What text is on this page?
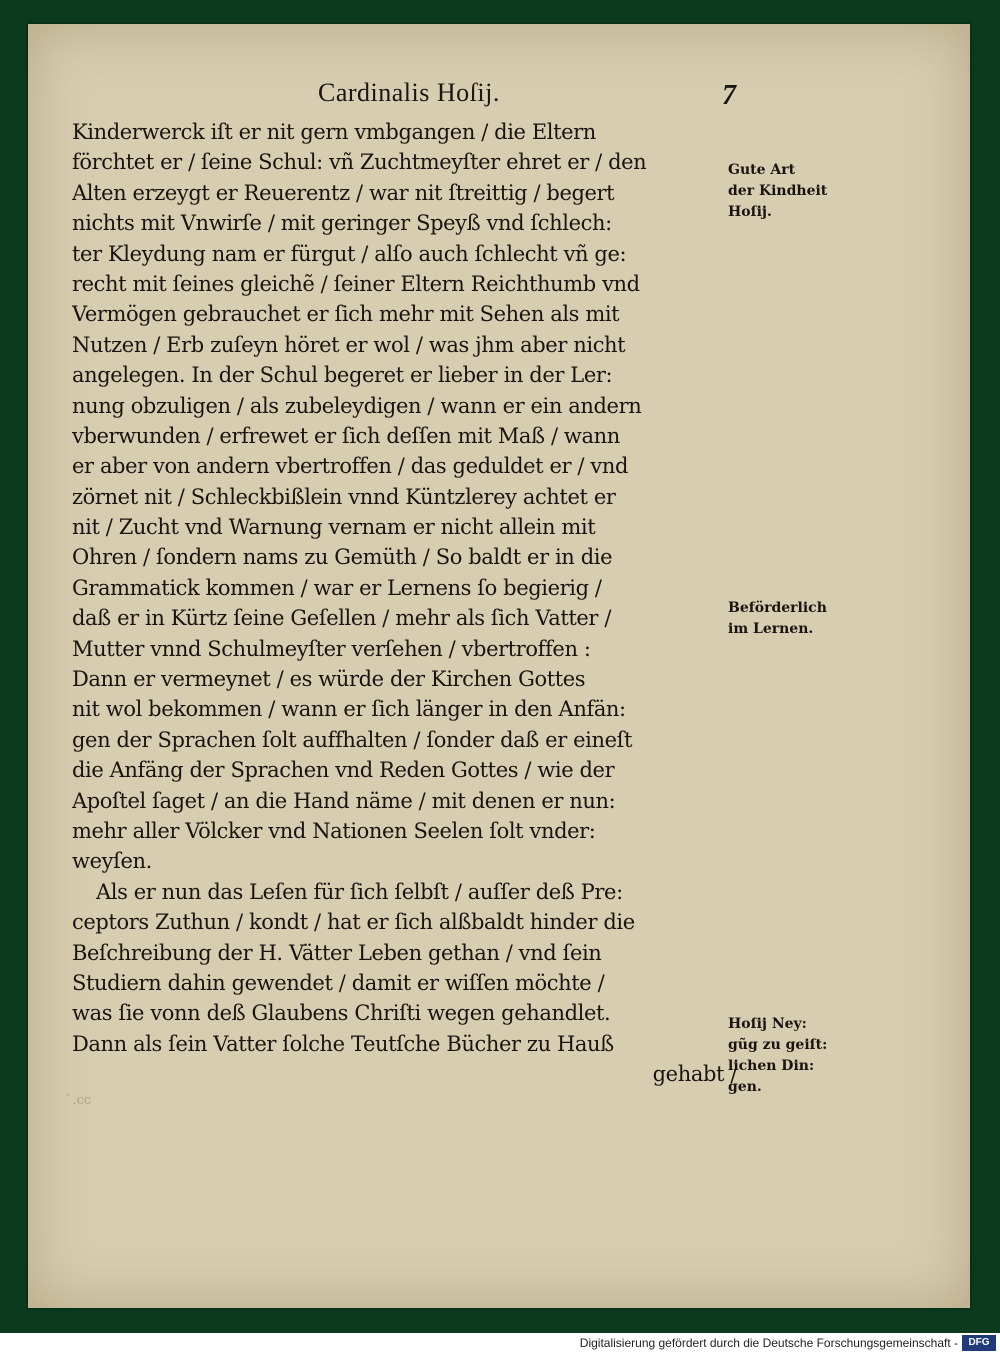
Cardinalis Hoſij.	7
Kinderwerck iſt er nit gern vmbgangen / die Eltern
förchtet er / ſeine Schul: vñ Zuchtmeyſter ehret er / den
Alten erzeygt er Reuerentz / war nit ſtreittig / begert
nichts mit Vnwirſe / mit geringer Speyß vnd ſchlech:
ter Kleydung nam er fürgut / alſo auch ſchlecht vñ ge:
recht mit ſeines gleichẽ / ſeiner Eltern Reichthumb vnd
Vermögen gebrauchet er ſich mehr mit Sehen als mit
Nutzen / Erb zuſeyn höret er wol / was jhm aber nicht
angelegen. In der Schul begeret er lieber in der Ler:
nung obzuligen / als zubeleydigen / wann er ein andern
vberwunden / erfrewet er ſich deſſen mit Maß / wann
er aber von andern vbertroffen / das geduldet er / vnd
zörnet nit / Schleckbißlein vnnd Küntzlerey achtet er
nit / Zucht vnd Warnung vernam er nicht allein mit
Ohren / ſondern nams zu Gemüth / So baldt er in die
Grammatick kommen / war er Lernens ſo begierig /
daß er in Kürtz ſeine Geſellen / mehr als ſich Vatter /
Mutter vnnd Schulmeyſter verſehen / vbertroffen :
Dann er vermeynet / es würde der Kirchen Gottes
nit wol bekommen / wann er ſich länger in den Anfän:
gen der Sprachen ſolt auffhalten / ſonder daß er eineſt
die Anfäng der Sprachen vnd Reden Gottes / wie der
Apoſtel ſaget / an die Hand näme / mit denen er nun:
mehr aller Völcker vnd Nationen Seelen ſolt vnder:
weyſen.
Als er nun das Leſen für ſich ſelbſt / auſſer deß Pre:
ceptors Zuthun / kondt / hat er ſich alßbaldt hinder die
Beſchreibung der H. Vätter Leben gethan / vnd ſein
Studiern dahin gewendet / damit er wiſſen möchte /
was ſie vonn deß Glaubens Chriſti wegen gehandlet.
Dann als ſein Vatter ſolche Teutſche Bücher zu Hauß
gehabt /
Gute Art
der Kindheit
Hoſij.
Beförderlich
im Lernen.
Hoſij Ney:
gũg zu geiſt:
lichen Din:
gen.
ﾟ.ᴄᴄ
Digitalisierung gefördert durch die Deutsche Forschungsgemeinschaft -	DFG
